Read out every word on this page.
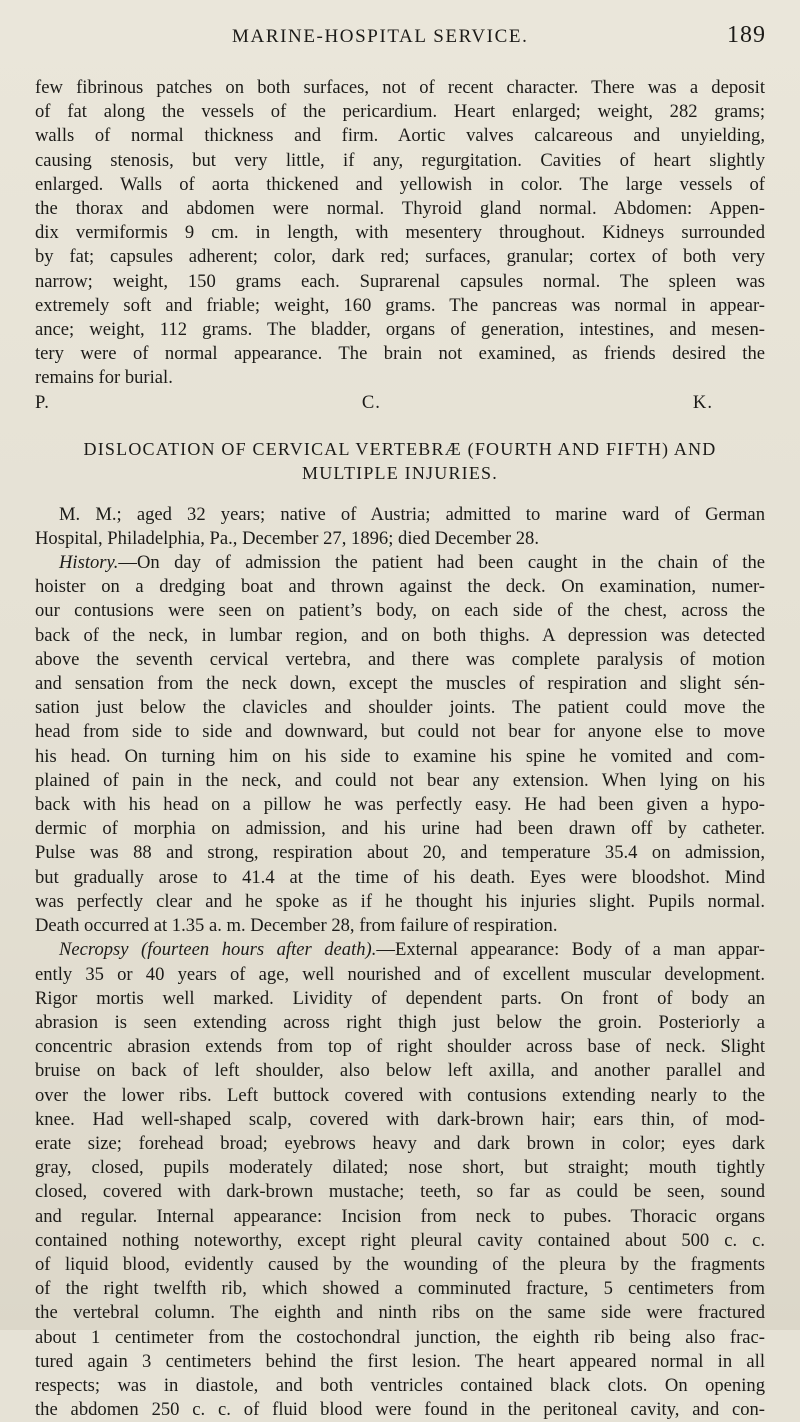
MARINE-HOSPITAL SERVICE.	189

few fibrinous patches on both surfaces, not of recent character. There was a deposit

of fat along the vessels of the pericardium. Heart enlarged; weight, 282 grams;

walls of normal thickness and firm. Aortic valves calcareous and unyielding,

causing stenosis, but very little, if any, regurgitation. Cavities of heart slightly

enlarged. Walls of aorta thickened and yellowish in color. The large vessels of

the thorax and abdomen were normal. Thyroid gland normal. Abdomen: Appen-

dix vermiformis 9 cm. in length, with mesentery throughout. Kidneys surrounded

by fat; capsules adherent; color, dark red; surfaces, granular; cortex of both very

narrow; weight, 150 grams each. Suprarenal capsules normal. The spleen was

extremely soft and friable; weight, 160 grams. The pancreas was normal in appear-

ance; weight, 112 grams. The bladder, organs of generation, intestines, and mesen-

tery were of normal appearance. The brain not examined, as friends desired the

remains for burial.

P. C. K.

DISLOCATION OF CERVICAL VERTEBRÆ (FOURTH AND FIFTH) AND
MULTIPLE INJURIES.

M. M.; aged 32 years; native of Austria; admitted to marine ward of German

Hospital, Philadelphia, Pa., December 27, 1896; died December 28.

History.—On day of admission the patient had been caught in the chain of the

hoister on a dredging boat and thrown against the deck. On examination, numer-

our contusions were seen on patient’s body, on each side of the chest, across the

back of the neck, in lumbar region, and on both thighs. A depression was detected

above the seventh cervical vertebra, and there was complete paralysis of motion

and sensation from the neck down, except the muscles of respiration and slight sén-

sation just below the clavicles and shoulder joints. The patient could move the

head from side to side and downward, but could not bear for anyone else to move

his head. On turning him on his side to examine his spine he vomited and com-

plained of pain in the neck, and could not bear any extension. When lying on his

back with his head on a pillow he was perfectly easy. He had been given a hypo-

dermic of morphia on admission, and his urine had been drawn off by catheter.

Pulse was 88 and strong, respiration about 20, and temperature 35.4 on admission,

but gradually arose to 41.4 at the time of his death. Eyes were bloodshot. Mind

was perfectly clear and he spoke as if he thought his injuries slight. Pupils normal.

Death occurred at 1.35 a. m. December 28, from failure of respiration.

Necropsy (fourteen hours after death).—External appearance: Body of a man appar-

ently 35 or 40 years of age, well nourished and of excellent muscular development.

Rigor mortis well marked. Lividity of dependent parts. On front of body an

abrasion is seen extending across right thigh just below the groin. Posteriorly a

concentric abrasion extends from top of right shoulder across base of neck. Slight

bruise on back of left shoulder, also below left axilla, and another parallel and

over the lower ribs. Left buttock covered with contusions extending nearly to the

knee. Had well-shaped scalp, covered with dark-brown hair; ears thin, of mod-

erate size; forehead broad; eyebrows heavy and dark brown in color; eyes dark

gray, closed, pupils moderately dilated; nose short, but straight; mouth tightly

closed, covered with dark-brown mustache; teeth, so far as could be seen, sound

and regular. Internal appearance: Incision from neck to pubes. Thoracic organs

contained nothing noteworthy, except right pleural cavity contained about 500 c. c.

of liquid blood, evidently caused by the wounding of the pleura by the fragments

of the right twelfth rib, which showed a comminuted fracture, 5 centimeters from

the vertebral column. The eighth and ninth ribs on the same side were fractured

about 1 centimeter from the costochondral junction, the eighth rib being also frac-

tured again 3 centimeters behind the first lesion. The heart appeared normal in all

respects; was in diastole, and both ventricles contained black clots. On opening

the abdomen 250 c. c. of fluid blood were found in the peritoneal cavity, and con-
